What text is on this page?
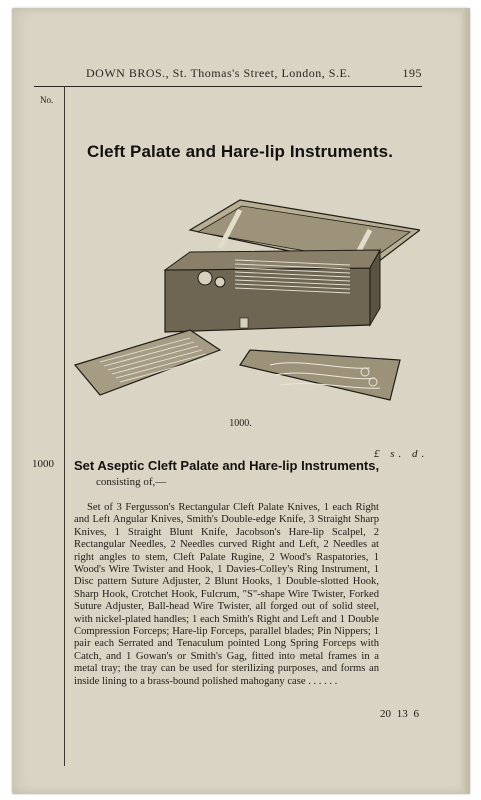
DOWN BROS., St. Thomas's Street, London, S.E.	195
No.
Cleft Palate and Hare-lip Instruments.
1000.
£ s. d.
1000 Set Aseptic Cleft Palate and Hare-lip Instruments,
consisting of,—
Set of 3 Fergusson's Rectangular Cleft Palate Knives, 1 each Right and Left Angular Knives, Smith's Double-edge Knife, 3 Straight Sharp Knives, 1 Straight Blunt Knife, Jacobson's Hare-lip Scalpel, 2 Rectangular Needles, 2 Needles curved Right and Left, 2 Needles at right angles to stem, Cleft Palate Rugine, 2 Wood's Raspatories, 1 Wood's Wire Twister and Hook, 1 Davies-Colley's Ring Instrument, 1 Disc pattern Suture Adjuster, 2 Blunt Hooks, 1 Double-slotted Hook, Sharp Hook, Crotchet Hook, Fulcrum, "S"-shape Wire Twister, Forked Suture Adjuster, Ball-head Wire Twister, all forged out of solid steel, with nickel-plated handles; 1 each Smith's Right and Left and 1 Double Compression Forceps; Hare-lip Forceps, parallel blades; Pin Nippers; 1 pair each Serrated and Tenaculum pointed Long Spring Forceps with Catch, and 1 Gowan's or Smith's Gag, fitted into metal frames in a metal tray; the tray can be used for sterilizing purposes, and forms an inside lining to a brass-bound polished mahogany case . . . . . .
20 13 6
